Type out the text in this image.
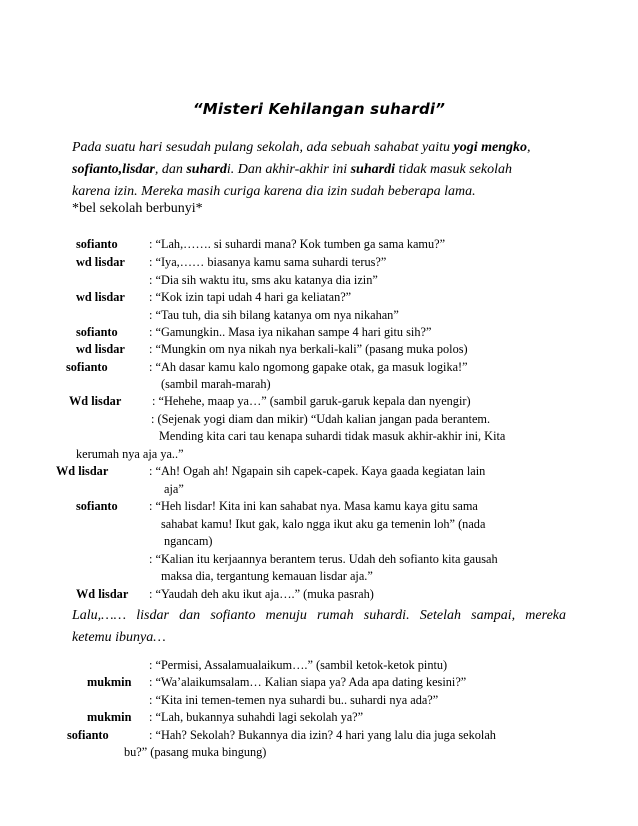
“Misteri Kehilangan suhardi”
Pada suatu hari sesudah pulang sekolah, ada sebuah sahabat yaitu yogi mengko,
sofianto,lisdar, dan suhardi. Dan akhir-akhir ini suhardi tidak masuk sekolah
karena izin. Mereka masih curiga karena dia izin sudah beberapa lama.
*bel sekolah berbunyi*
sofianto	: “Lah,……. si suhardi mana? Kok tumben ga sama kamu?”
wd lisdar : “Iya,…… biasanya kamu sama suhardi terus?”
: “Dia sih waktu itu, sms aku katanya dia izin”
wd lisdar : “Kok izin tapi udah 4 hari ga keliatan?”
: “Tau tuh, dia sih bilang katanya om nya nikahan”
sofianto	: “Gamungkin.. Masa iya nikahan sampe 4 hari gitu sih?”
wd lisdar : “Mungkin om nya nikah nya berkali-kali” (pasang muka polos)
sofianto	: “Ah dasar kamu kalo ngomong gapake otak, ga masuk logika!”
(sambil marah-marah)
Wd lisdar : “Hehehe, maap ya…” (sambil garuk-garuk kepala dan nyengir)
: (Sejenak yogi diam dan mikir) “Udah kalian jangan pada berantem.
Mending kita cari tau kenapa suhardi tidak masuk akhir-akhir ini, Kita
kerumah nya aja ya..”
Wd lisdar	: “Ah! Ogah ah! Ngapain sih capek-capek. Kaya gaada kegiatan lain
aja”
sofianto	: “Heh lisdar! Kita ini kan sahabat nya. Masa kamu kaya gitu sama
sahabat kamu! Ikut gak, kalo ngga ikut aku ga temenin loh” (nada
ngancam)
: “Kalian itu kerjaannya berantem terus. Udah deh sofianto kita gausah
maksa dia, tergantung kemauan lisdar aja.”
Wd lisdar : “Yaudah deh aku ikut aja….” (muka pasrah)
Lalu,…… lisdar dan sofianto menuju rumah suhardi. Setelah sampai, mereka
ketemu ibunya…
: “Permisi, Assalamualaikum….” (sambil ketok-ketok pintu)
mukmin : “Wa’alaikumsalam… Kalian siapa ya? Ada apa dating kesini?”
: “Kita ini temen-temen nya suhardi bu.. suhardi nya ada?”
mukmin : “Lah, bukannya suhahdi lagi sekolah ya?”
sofianto	: “Hah? Sekolah? Bukannya dia izin? 4 hari yang lalu dia juga sekolah
bu?” (pasang muka bingung)
